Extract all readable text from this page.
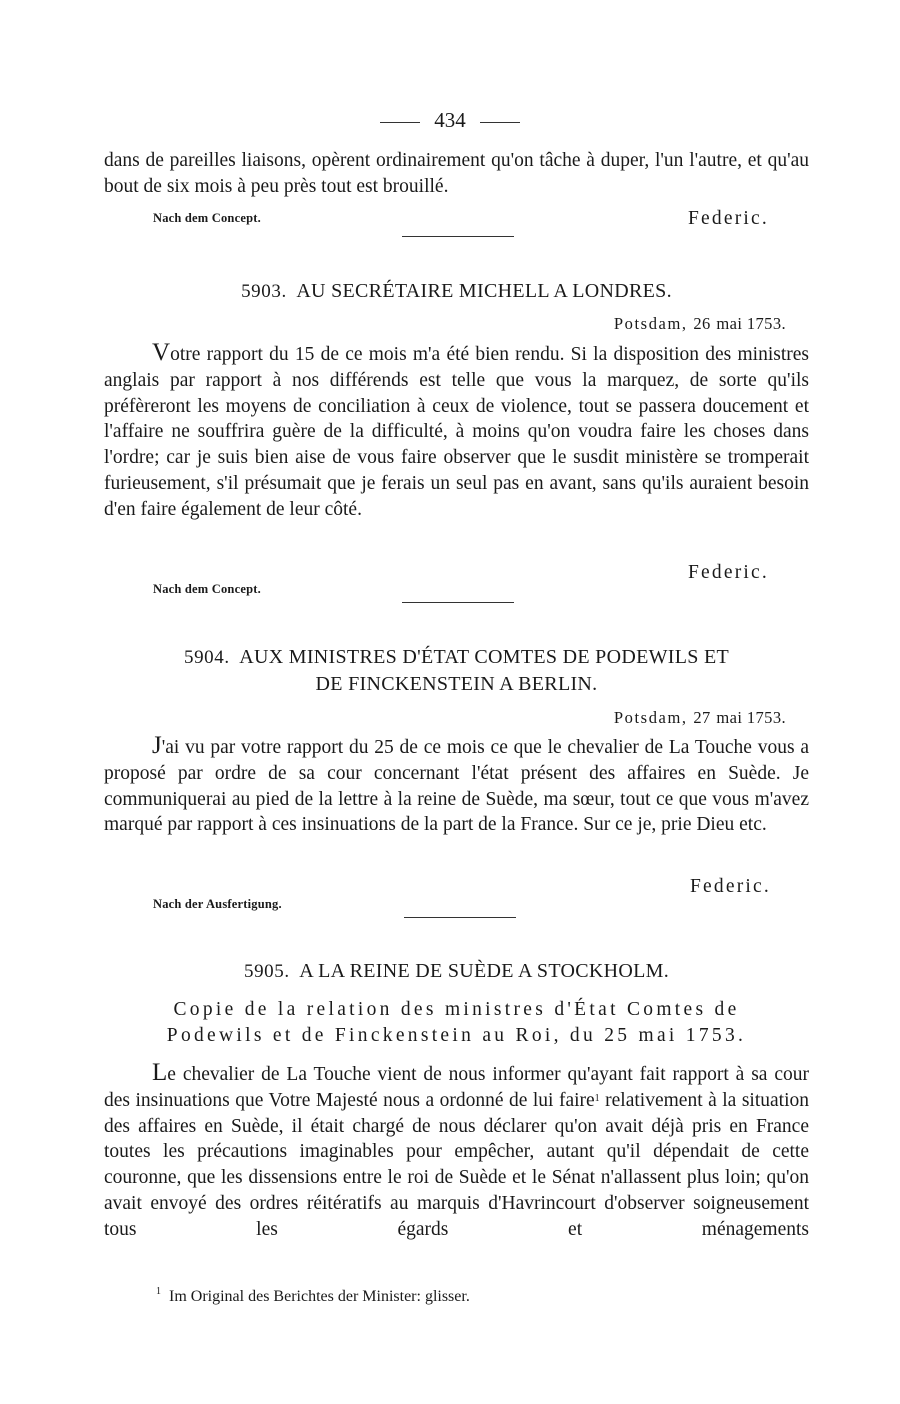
434

dans de pareilles liaisons, opèrent ordinairement qu'on tâche à duper, l'un l'autre, et qu'au bout de six mois à peu près tout est brouillé.

Nach dem Concept.	Federic.
5903. AU SECRÉTAIRE MICHELL A LONDRES.
Potsdam, 26 mai 1753.

Votre rapport du 15 de ce mois m'a été bien rendu. Si la disposition des ministres anglais par rapport à nos différends est telle que vous la marquez, de sorte qu'ils préfèreront les moyens de conciliation à ceux de violence, tout se passera doucement et l'affaire ne souffrira guère de la difficulté, à moins qu'on voudra faire les choses dans l'ordre; car je suis bien aise de vous faire observer que le susdit ministère se tromperait furieusement, s'il présumait que je ferais un seul pas en avant, sans qu'ils auraient besoin d'en faire également de leur côté.

Federic.
Nach dem Concept.
5904. AUX MINISTRES D'ÉTAT COMTES DE PODEWILS ET
DE FINCKENSTEIN A BERLIN.
Potsdam, 27 mai 1753.

J'ai vu par votre rapport du 25 de ce mois ce que le chevalier de La Touche vous a proposé par ordre de sa cour concernant l'état présent des affaires en Suède. Je communiquerai au pied de la lettre à la reine de Suède, ma sœur, tout ce que vous m'avez marqué par rapport à ces insinuations de la part de la France. Sur ce je, prie Dieu etc.

Federic.
Nach der Ausfertigung.
5905. A LA REINE DE SUÈDE A STOCKHOLM.
Copie de la relation des ministres d'État Comtes de
Podewils et de Finckenstein au Roi, du 25 mai 1753.

Le chevalier de La Touche vient de nous informer qu'ayant fait rapport à sa cour des insinuations que Votre Majesté nous a ordonné de lui faire$^1$ relativement à la situation des affaires en Suède, il était chargé de nous déclarer qu'on avait déjà pris en France toutes les précautions imaginables pour empêcher, autant qu'il dépendait de cette couronne, que les dissensions entre le roi de Suède et le Sénat n'allassent plus loin; qu'on avait envoyé des ordres réitératifs au marquis d'Havrincourt d'observer soigneusement tous les égards et ménagements

$^1$ Im Original des Berichtes der Minister: glisser.
